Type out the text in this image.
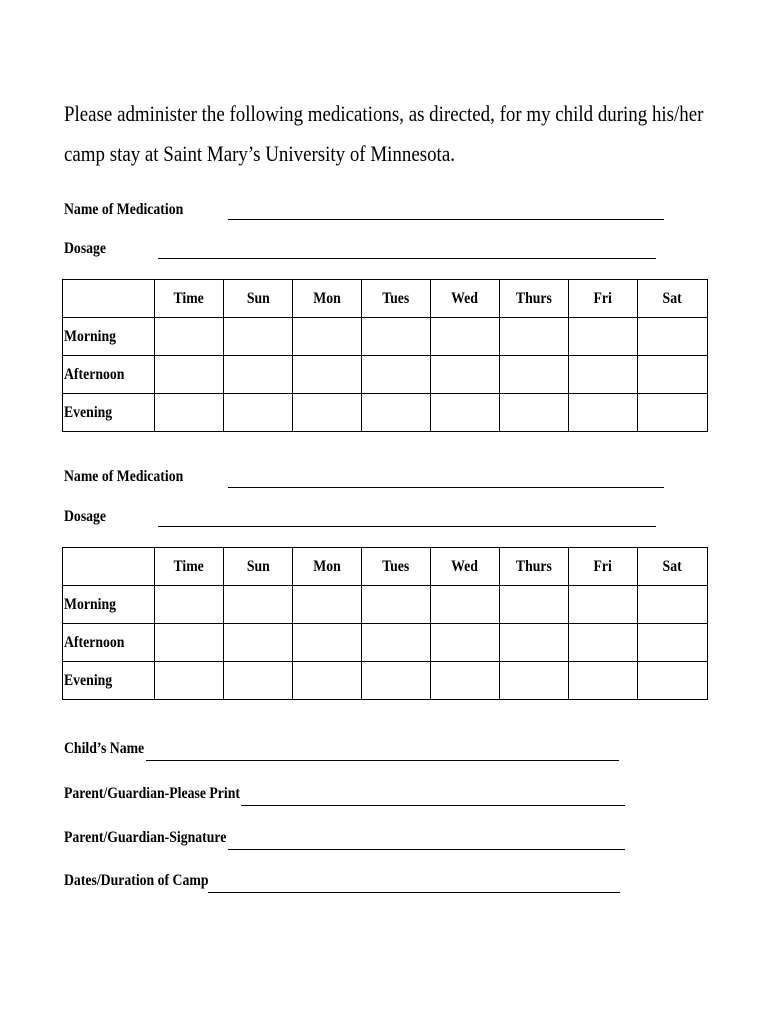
Please administer the following medications, as directed, for my child during his/her
camp stay at Saint Mary’s University of Minnesota.
Name of Medication
Dosage
	Time	Sun	Mon	Tues	Wed	Thurs	Fri	Sat
Morning								
Afternoon								
Evening								
Name of Medication
Dosage
	Time	Sun	Mon	Tues	Wed	Thurs	Fri	Sat
Morning								
Afternoon								
Evening								
Child’s Name
Parent/Guardian-Please Print
Parent/Guardian-Signature
Dates/Duration of Camp
